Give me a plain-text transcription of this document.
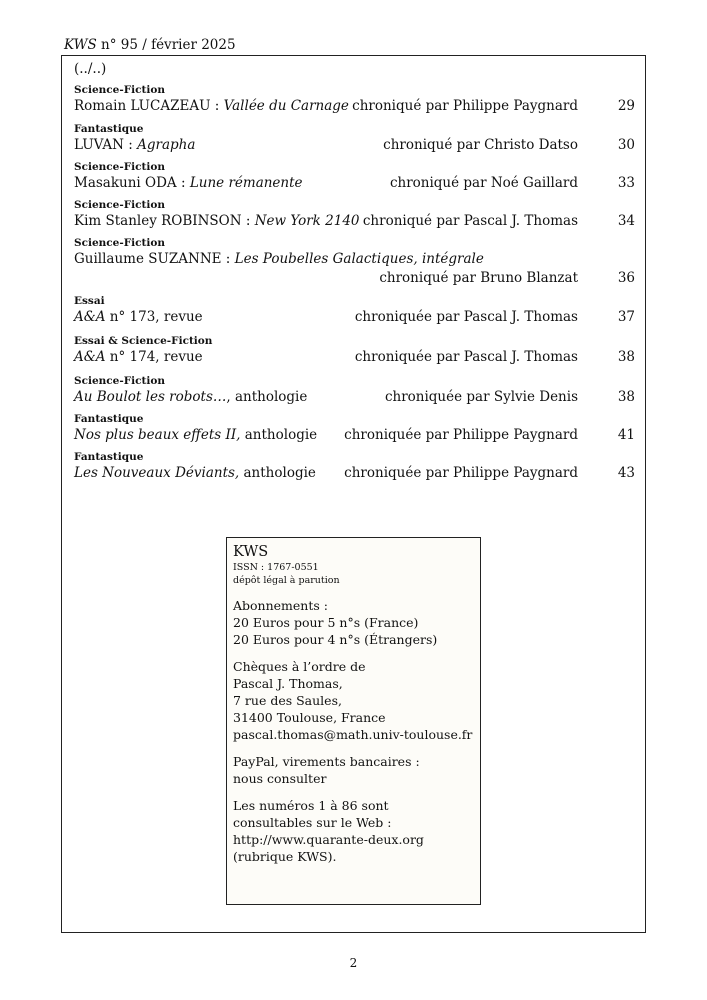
KWS n° 95 / février 2025
(../..)
Science-Fiction
Romain LUCAZEAU : Vallée du Carnage chroniqué par Philippe Paygnard	29
Fantastique
LUVAN : Agrapha	chroniqué par Christo Datso	30
Science-Fiction
Masakuni ODA : Lune rémanente	chroniqué par Noé Gaillard	33
Science-Fiction
Kim Stanley ROBINSON : New York 2140 chroniqué par Pascal J. Thomas	34
Science-Fiction
Guillaume SUZANNE : Les Poubelles Galactiques, intégrale
chroniqué par Bruno Blanzat	36
Essai
A&A n° 173, revue	chroniquée par Pascal J. Thomas	37
Essai & Science-Fiction
A&A n° 174, revue	chroniquée par Pascal J. Thomas	38
Science-Fiction
Au Boulot les robots…, anthologie	chroniquée par Sylvie Denis	38
Fantastique
Nos plus beaux effets II, anthologie chroniquée par Philippe Paygnard	41
Fantastique
Les Nouveaux Déviants, anthologie chroniquée par Philippe Paygnard	43
KWS
ISSN : 1767-0551
dépôt légal à parution
Abonnements :
20 Euros pour 5 n°s (France)
20 Euros pour 4 n°s (Étrangers)
Chèques à l’ordre de
Pascal J. Thomas,
7 rue des Saules,
31400 Toulouse, France
pascal.thomas@math.univ-toulouse.fr
PayPal, virements bancaires :
nous consulter
Les numéros 1 à 86 sont
consultables sur le Web :
http://www.quarante-deux.org
(rubrique KWS).
2
